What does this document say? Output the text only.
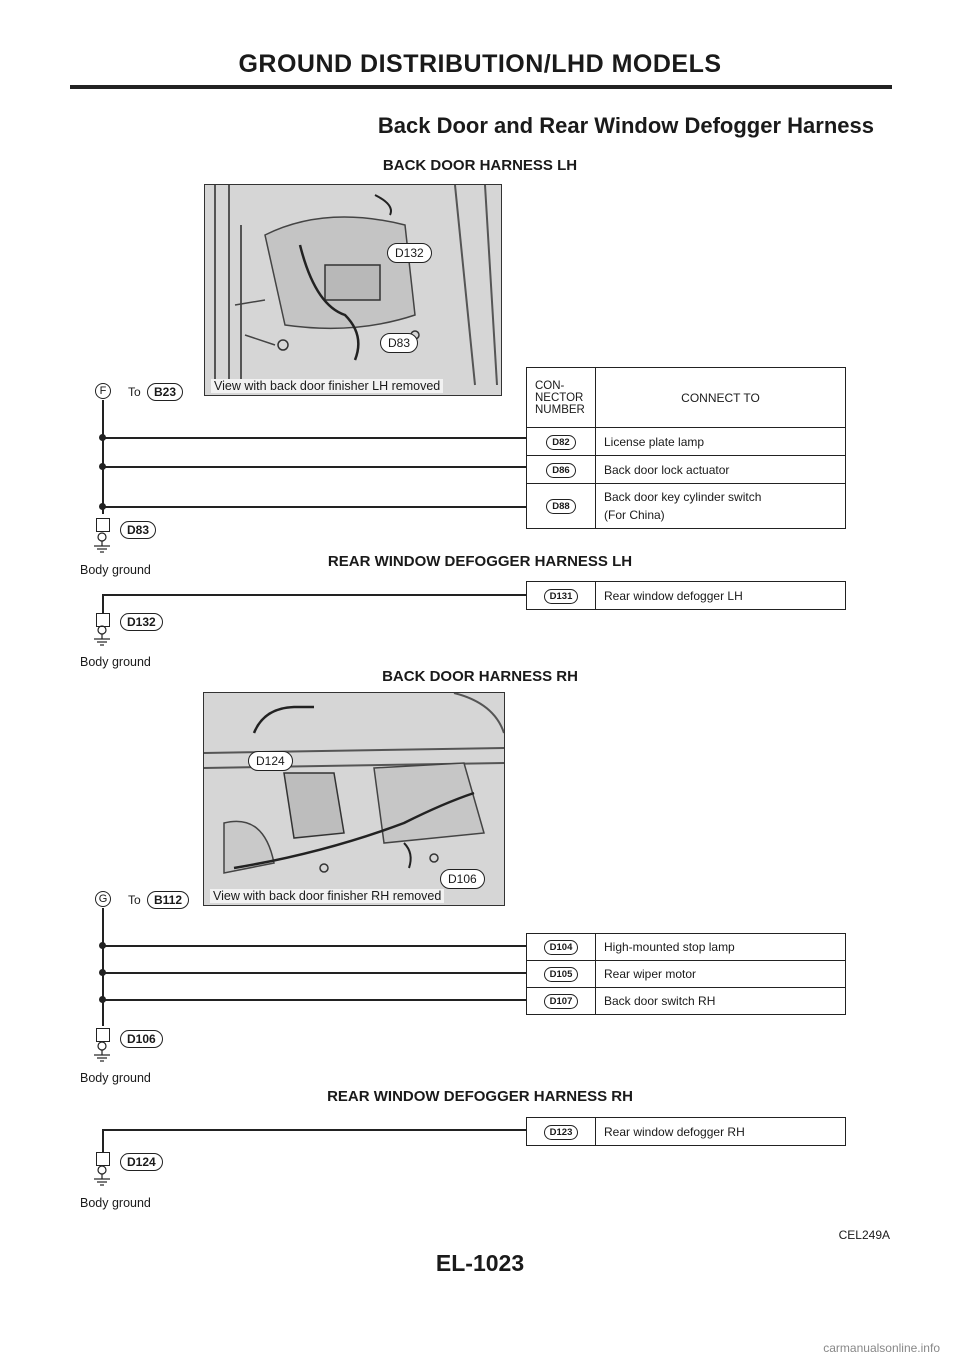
GROUND DISTRIBUTION/LHD MODELS
Back Door and Rear Window Defogger Harness
BACK DOOR HARNESS LH
D132
D83
View with back door finisher LH removed
F	To	B23	CON-
NECTOR
NUMBER	CONNECT TO
D82	License plate lamp
D86	Back door lock actuator
D88	Back door key cylinder switch
(For China)
D83
Body ground	REAR WINDOW DEFOGGER HARNESS LH
D131	Rear window defogger LH
D132
Body ground
BACK DOOR HARNESS RH
D124
D106
View with back door finisher RH removed
G	To	B112
D104	High-mounted stop lamp
D105	Rear wiper motor
D107	Back door switch RH
D106
Body ground
REAR WINDOW DEFOGGER HARNESS RH
D123	Rear window defogger RH
D124
Body ground
CEL249A
EL-1023
carmanualsonline.info
